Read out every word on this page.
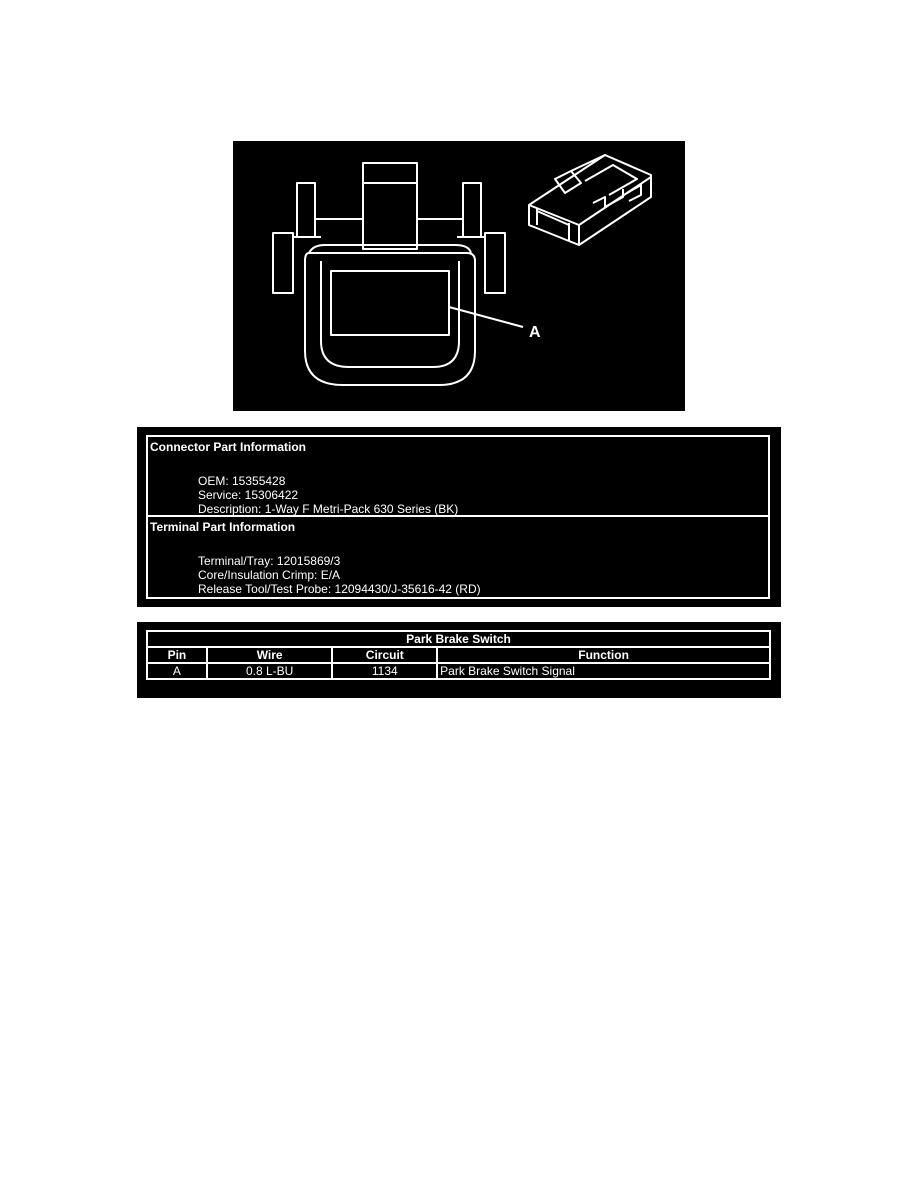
A
Connector Part Information
OEM: 15355428
Service: 15306422
Description: 1-Way F Metri-Pack 630 Series (BK)
Terminal Part Information
Terminal/Tray: 12015869/3
Core/Insulation Crimp: E/A
Release Tool/Test Probe: 12094430/J-35616-42 (RD)
Park Brake Switch			
Pin	Wire	Circuit	Function
A	0.8 L-BU	1134	Park Brake Switch Signal
